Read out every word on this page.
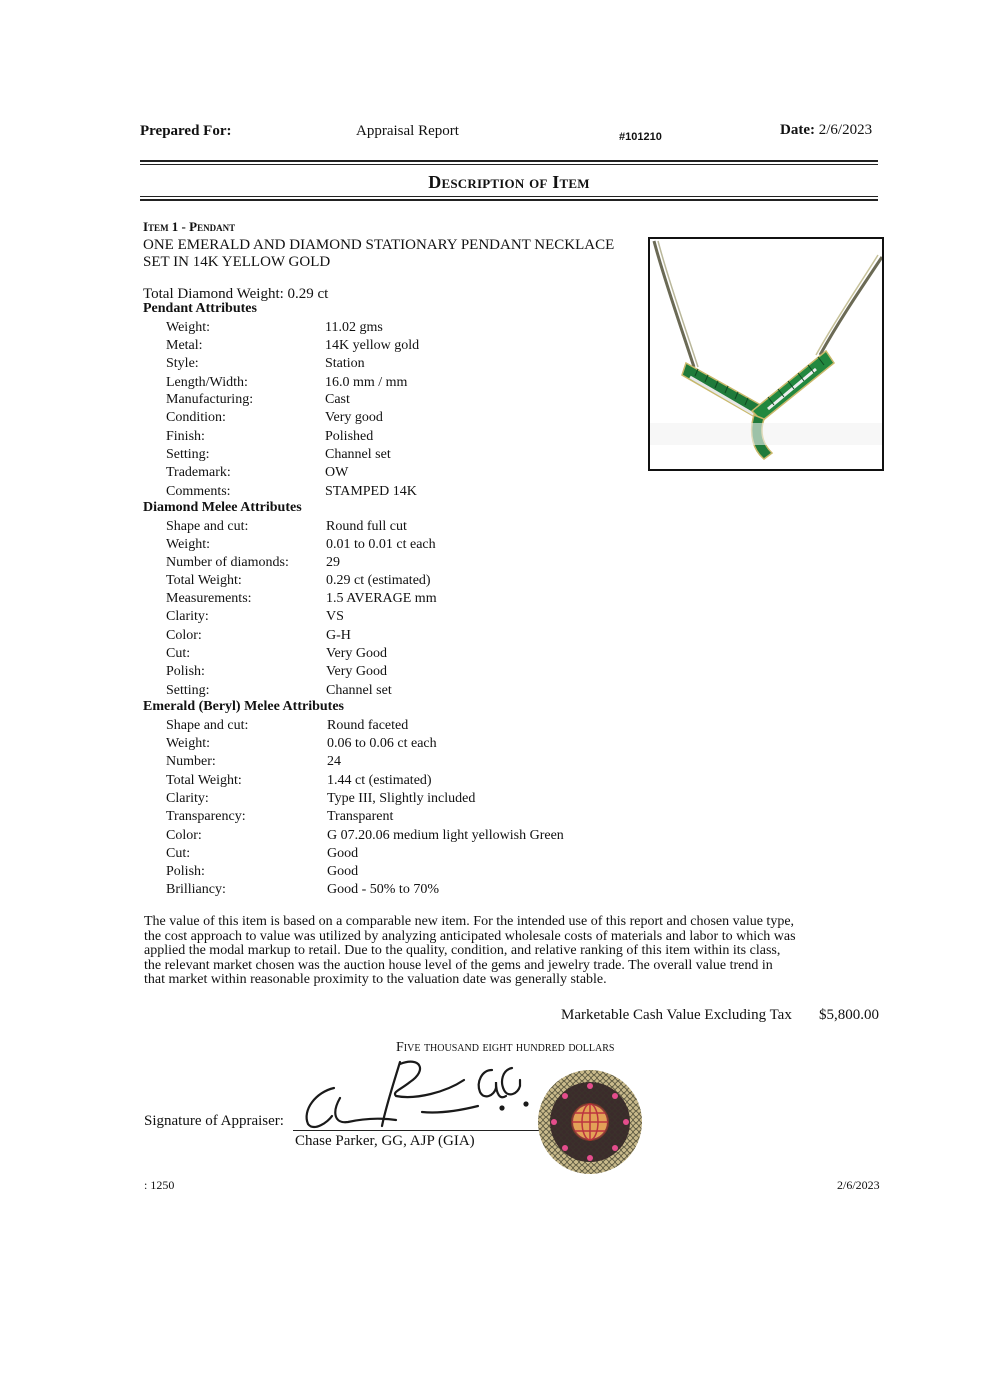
Prepared For:	Appraisal Report	#101210	Date: 2/6/2023
Description of Item
Item 1 - Pendant
ONE EMERALD AND DIAMOND STATIONARY PENDANT NECKLACE
SET IN 14K YELLOW GOLD
Total Diamond Weight: 0.29 ct
Pendant Attributes
Weight:	11.02 gms
Metal:	14K yellow gold
Style:	Station
Length/Width:	16.0 mm / mm
Manufacturing:	Cast
Condition:	Very good
Finish:	Polished
Setting:	Channel set
Trademark:	OW
Comments:	STAMPED 14K
Diamond Melee Attributes
Shape and cut:	Round full cut
Weight:	0.01 to 0.01 ct each
Number of diamonds:	29
Total Weight:	0.29 ct (estimated)
Measurements:	1.5 AVERAGE mm
Clarity:	VS
Color:	G-H
Cut:	Very Good
Polish:	Very Good
Setting:	Channel set
Emerald (Beryl) Melee Attributes
Shape and cut:	Round faceted
Weight:	0.06 to 0.06 ct each
Number:	24
Total Weight:	1.44 ct (estimated)
Clarity:	Type III, Slightly included
Transparency:	Transparent
Color:	G 07.20.06 medium light yellowish Green
Cut:	Good
Polish:	Good
Brilliancy:	Good - 50% to 70%
The value of this item is based on a comparable new item. For the intended use of this report and chosen value type,
the cost approach to value was utilized by analyzing anticipated wholesale costs of materials and labor to which was
applied the modal markup to retail. Due to the quality, condition, and relative ranking of this item within its class,
the relevant market chosen was the auction house level of the gems and jewelry trade. The overall value trend in
that market within reasonable proximity to the valuation date was generally stable.
Marketable Cash Value Excluding Tax $5,800.00
Five thousand eight hundred dollars
Signature of Appraiser:
Chase Parker, GG, AJP (GIA)
: 1250	2/6/2023
